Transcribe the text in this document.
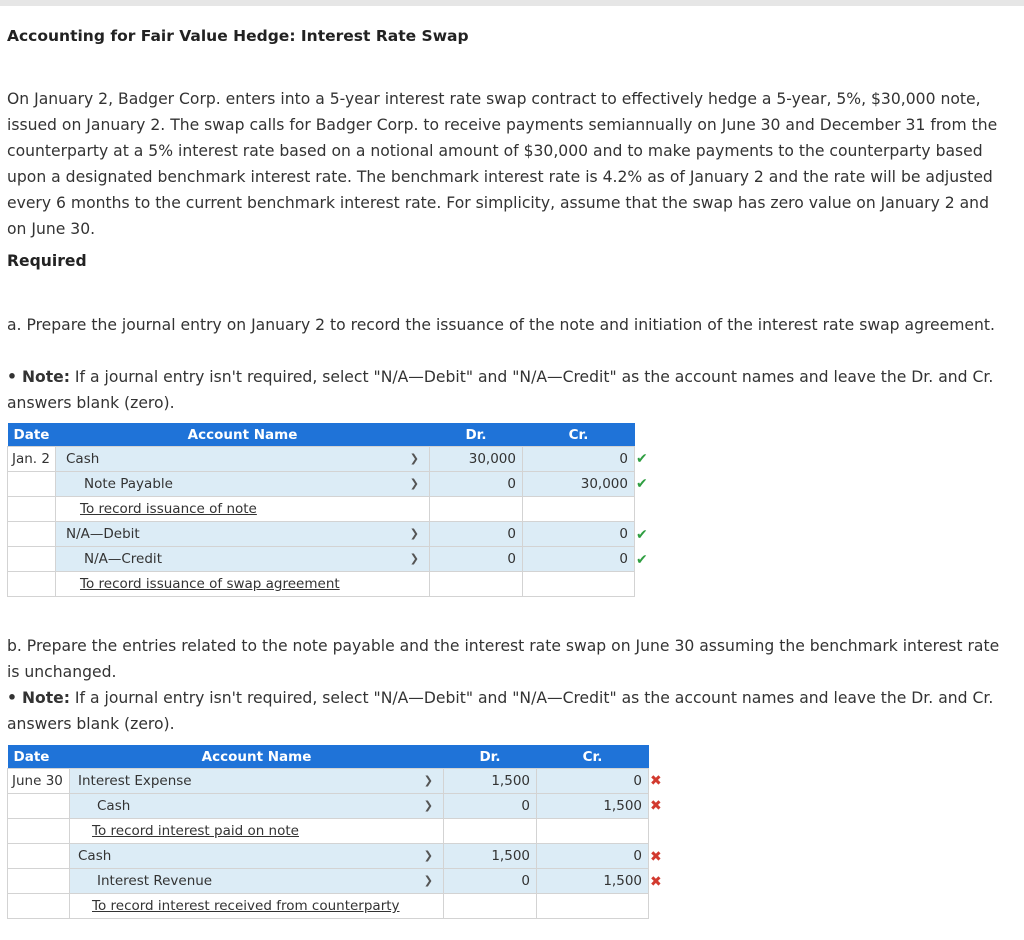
Accounting for Fair Value Hedge: Interest Rate Swap

On January 2, Badger Corp. enters into a 5-year interest rate swap contract to effectively hedge a 5-year, 5%, $30,000 note, issued on January 2. The swap calls for Badger Corp. to receive payments semiannually on June 30 and December 31 from the counterparty at a 5% interest rate based on a notional amount of $30,000 and to make payments to the counterparty based upon a designated benchmark interest rate. The benchmark interest rate is 4.2% as of January 2 and the rate will be adjusted every 6 months to the current benchmark interest rate. For simplicity, assume that the swap has zero value on January 2 and on June 30.

Required

a. Prepare the journal entry on January 2 to record the issuance of the note and initiation of the interest rate swap agreement.

• Note: If a journal entry isn't required, select "N/A—Debit" and "N/A—Credit" as the account names and leave the Dr. and Cr. answers blank (zero).

Date	Account Name	Dr.	Cr.
Jan. 2	Cash ❯	30,000	0

	Note Payable ❯	0	30,000
	To record issuance of note		

	N/A—Debit ❯	0	0

	N/A—Credit ❯	0	0
	To record issuance of swap agreement		
✔
✔
✔
✔

b. Prepare the entries related to the note payable and the interest rate swap on June 30 assuming the benchmark interest rate is unchanged.

• Note: If a journal entry isn't required, select "N/A—Debit" and "N/A—Credit" as the account names and leave the Dr. and Cr. answers blank (zero).

Date	Account Name	Dr.	Cr.
June 30	Interest Expense ❯	1,500	0

	Cash ❯	0	1,500
	To record interest paid on note		

	Cash ❯	1,500	0

	Interest Revenue ❯	0	1,500
	To record interest received from counterparty		
✖
✖
✖
✖
